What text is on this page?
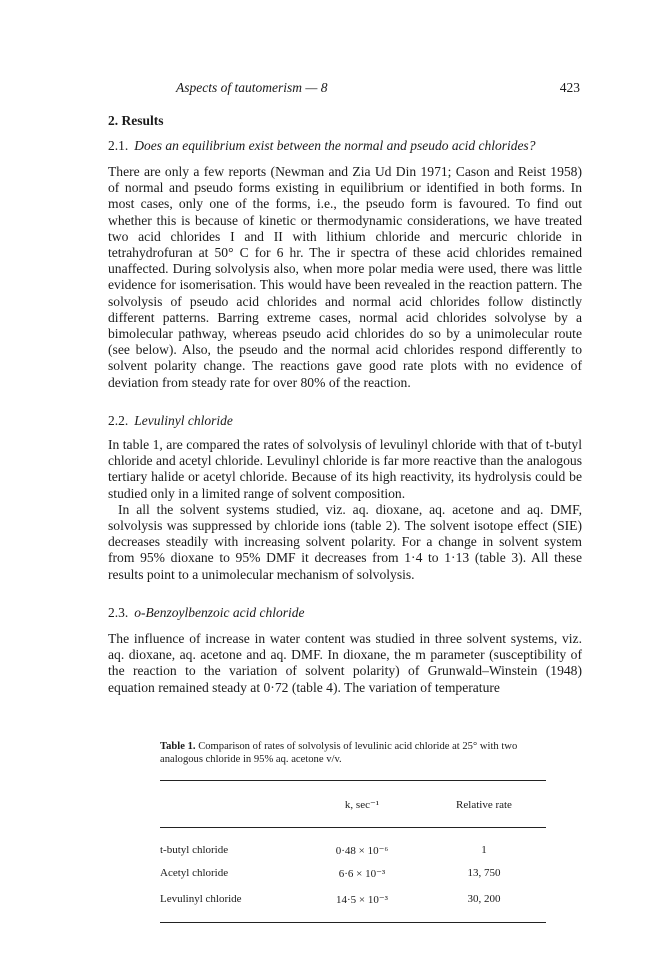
Aspects of tautomerism — 8	423
2. Results
2.1. Does an equilibrium exist between the normal and pseudo acid chlorides?

There are only a few reports (Newman and Zia Ud Din 1971; Cason and Reist 1958) of normal and pseudo forms existing in equilibrium or identified in both forms. In most cases, only one of the forms, i.e., the pseudo form is favoured. To find out whether this is because of kinetic or thermodynamic considerations, we have treated two acid chlorides I and II with lithium chloride and mercuric chloride in tetrahydrofuran at 50° C for 6 hr. The ir spectra of these acid chlorides remained unaffected. During solvolysis also, when more polar media were used, there was little evidence for isomerisation. This would have been revealed in the reaction pattern. The solvolysis of pseudo acid chlorides and normal acid chlorides follow distinctly different patterns. Barring extreme cases, normal acid chlorides solvolyse by a bimolecular pathway, whereas pseudo acid chlorides do so by a unimolecular route (see below). Also, the pseudo and the normal acid chlorides respond differently to solvent polarity change. The reactions gave good rate plots with no evidence of deviation from steady rate for over 80% of the reaction.

2.2. Levulinyl chloride

In table 1, are compared the rates of solvolysis of levulinyl chloride with that of t-butyl chloride and acetyl chloride. Levulinyl chloride is far more reactive than the analogous tertiary halide or acetyl chloride. Because of its high reactivity, its hydrolysis could be studied only in a limited range of solvent composition.

In all the solvent systems studied, viz. aq. dioxane, aq. acetone and aq. DMF, solvolysis was suppressed by chloride ions (table 2). The solvent isotope effect (SIE) decreases steadily with increasing solvent polarity. For a change in solvent system from 95% dioxane to 95% DMF it decreases from 1·4 to 1·13 (table 3). All these results point to a unimolecular mechanism of solvolysis.

2.3. o-Benzoylbenzoic acid chloride

The influence of increase in water content was studied in three solvent systems, viz. aq. dioxane, aq. acetone and aq. DMF. In dioxane, the m parameter (susceptibility of the reaction to the variation of solvent polarity) of Grunwald–Winstein (1948) equation remained steady at 0·72 (table 4). The variation of temperature

Table 1. Comparison of rates of solvolysis of levulinic acid chloride at 25° with two analogous chloride in 95% aq. acetone v/v.

	k, sec⁻¹	Relative rate
t-butyl chloride	0·48 × 10⁻⁶	1
Acetyl chloride	6·6 × 10⁻³	13, 750
Levulinyl chloride	14·5 × 10⁻³	30, 200
